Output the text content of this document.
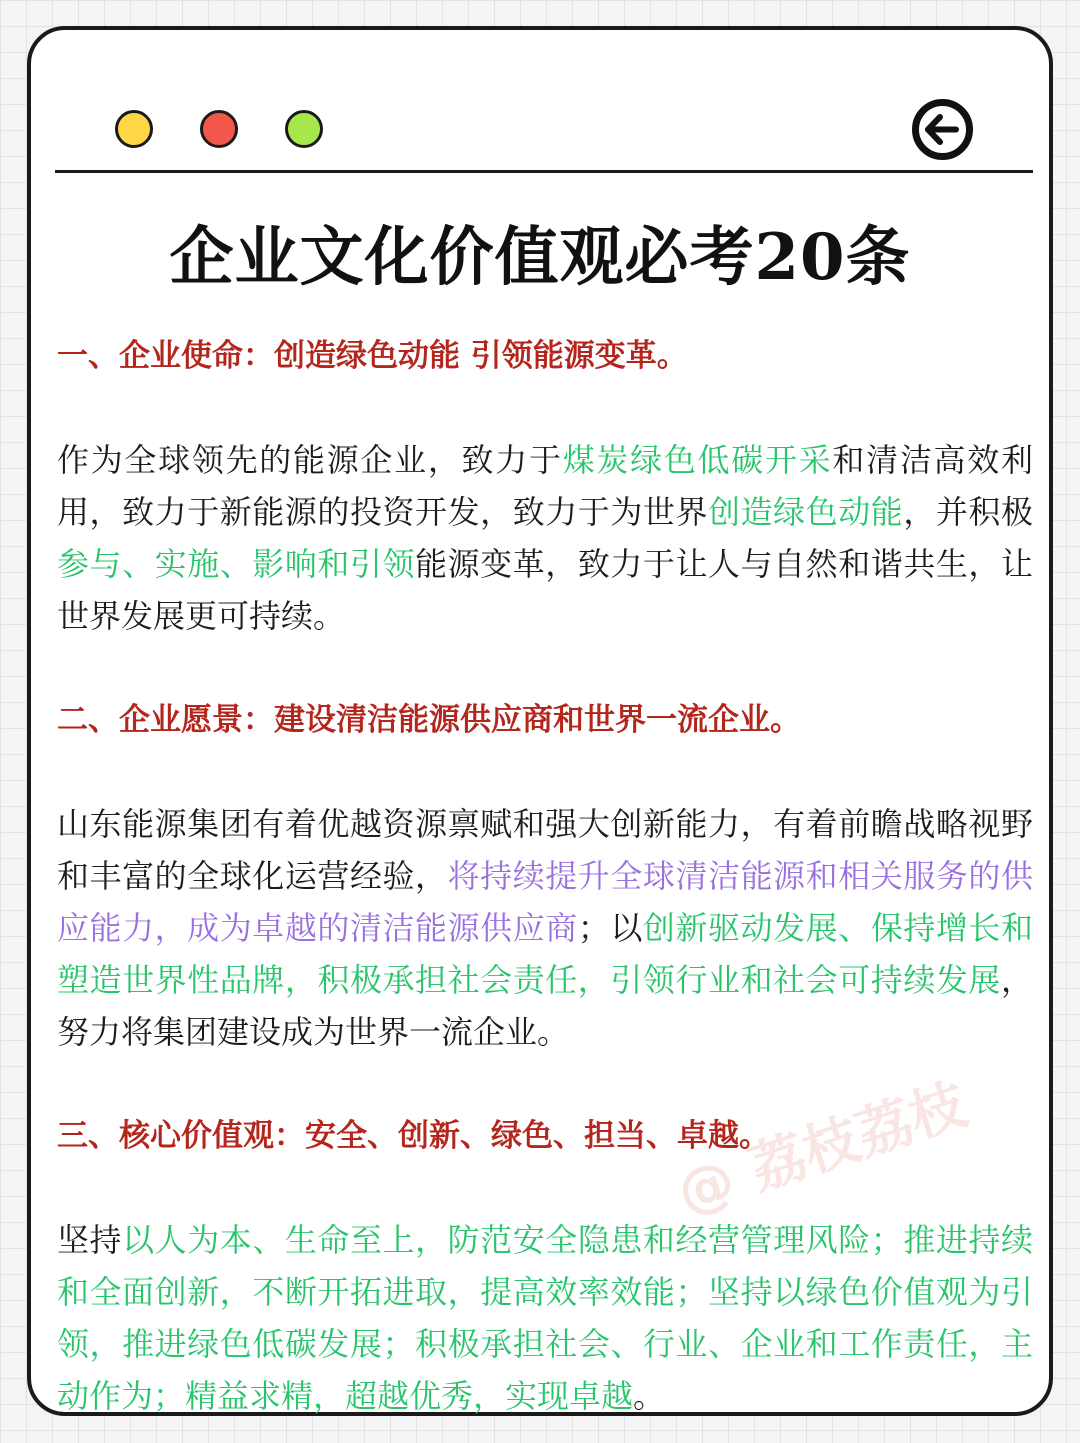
企业文化价值观必考20条
一、企业使命：创造绿色动能 引领能源变革。

作为全球领先的能源企业，致力于煤炭绿色低碳开采和清洁高效利用，致力于新能源的投资开发，致力于为世界创造绿色动能，并积极参与、实施、影响和引领能源变革，致力于让人与自然和谐共生，让世界发展更可持续。

二、企业愿景：建设清洁能源供应商和世界一流企业。

山东能源集团有着优越资源禀赋和强大创新能力，有着前瞻战略视野和丰富的全球化运营经验，将持续提升全球清洁能源和相关服务的供应能力，成为卓越的清洁能源供应商；以创新驱动发展、保持增长和塑造世界性品牌，积极承担社会责任，引领行业和社会可持续发展，努力将集团建设成为世界一流企业。

三、核心价值观：安全、创新、绿色、担当、卓越。

坚持以人为本、生命至上，防范安全隐患和经营管理风险；推进持续和全面创新，不断开拓进取，提高效率效能；坚持以绿色价值观为引领，推进绿色低碳发展；积极承担社会、行业、企业和工作责任，主动作为；精益求精，超越优秀，实现卓越。

@ 荔枝荔枝
